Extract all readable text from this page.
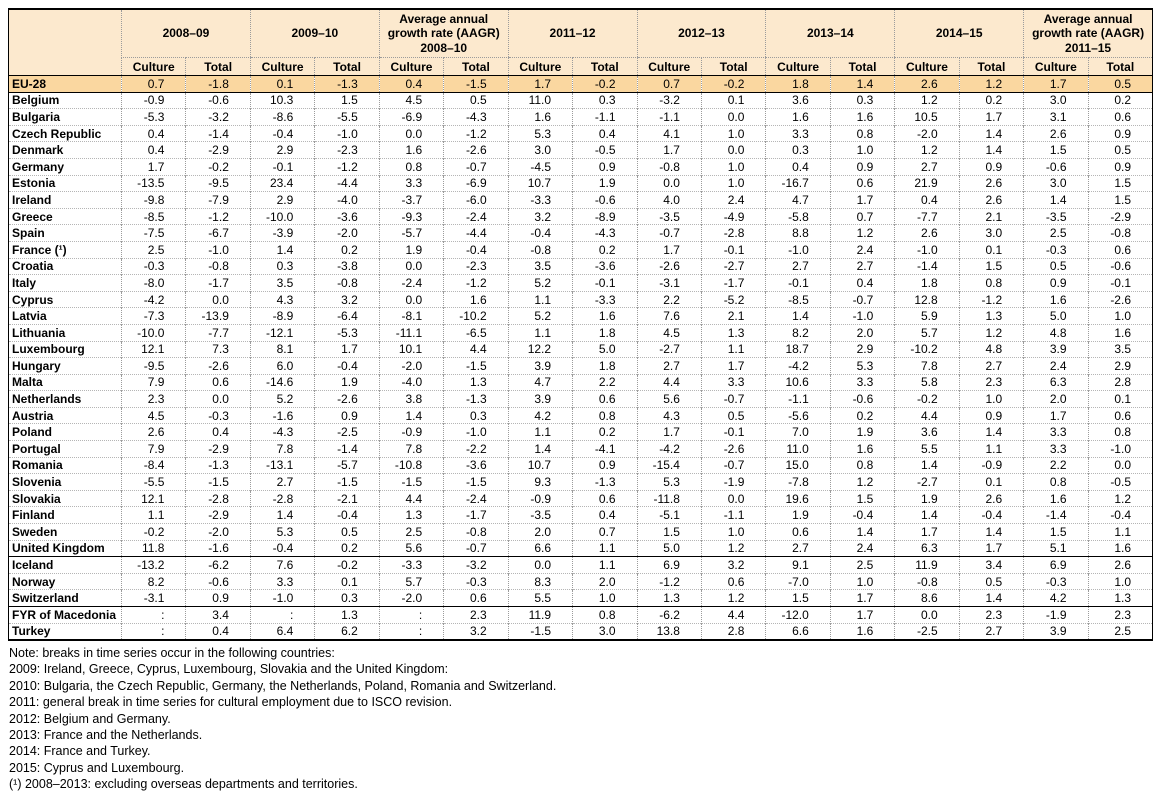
	2008–09		2009–10		Average annual growth rate (AAGR) 2008–10		2011–12		2012–13		2013–14		2014–15		Average annual growth rate (AAGR) 2011–15	
	Culture	Total	Culture	Total	Culture	Total	Culture	Total	Culture	Total	Culture	Total	Culture	Total	Culture	Total
EU-28	0.7	-1.8	0.1	-1.3	0.4	-1.5	1.7	-0.2	0.7	-0.2	1.8	1.4	2.6	1.2	1.7	0.5
Belgium	-0.9	-0.6	10.3	1.5	4.5	0.5	11.0	0.3	-3.2	0.1	3.6	0.3	1.2	0.2	3.0	0.2
Bulgaria	-5.3	-3.2	-8.6	-5.5	-6.9	-4.3	1.6	-1.1	-1.1	0.0	1.6	1.6	10.5	1.7	3.1	0.6
Czech Republic	0.4	-1.4	-0.4	-1.0	0.0	-1.2	5.3	0.4	4.1	1.0	3.3	0.8	-2.0	1.4	2.6	0.9
Denmark	0.4	-2.9	2.9	-2.3	1.6	-2.6	3.0	-0.5	1.7	0.0	0.3	1.0	1.2	1.4	1.5	0.5
Germany	1.7	-0.2	-0.1	-1.2	0.8	-0.7	-4.5	0.9	-0.8	1.0	0.4	0.9	2.7	0.9	-0.6	0.9
Estonia	-13.5	-9.5	23.4	-4.4	3.3	-6.9	10.7	1.9	0.0	1.0	-16.7	0.6	21.9	2.6	3.0	1.5
Ireland	-9.8	-7.9	2.9	-4.0	-3.7	-6.0	-3.3	-0.6	4.0	2.4	4.7	1.7	0.4	2.6	1.4	1.5
Greece	-8.5	-1.2	-10.0	-3.6	-9.3	-2.4	3.2	-8.9	-3.5	-4.9	-5.8	0.7	-7.7	2.1	-3.5	-2.9
Spain	-7.5	-6.7	-3.9	-2.0	-5.7	-4.4	-0.4	-4.3	-0.7	-2.8	8.8	1.2	2.6	3.0	2.5	-0.8
France (¹)	2.5	-1.0	1.4	0.2	1.9	-0.4	-0.8	0.2	1.7	-0.1	-1.0	2.4	-1.0	0.1	-0.3	0.6
Croatia	-0.3	-0.8	0.3	-3.8	0.0	-2.3	3.5	-3.6	-2.6	-2.7	2.7	2.7	-1.4	1.5	0.5	-0.6
Italy	-8.0	-1.7	3.5	-0.8	-2.4	-1.2	5.2	-0.1	-3.1	-1.7	-0.1	0.4	1.8	0.8	0.9	-0.1
Cyprus	-4.2	0.0	4.3	3.2	0.0	1.6	1.1	-3.3	2.2	-5.2	-8.5	-0.7	12.8	-1.2	1.6	-2.6
Latvia	-7.3	-13.9	-8.9	-6.4	-8.1	-10.2	5.2	1.6	7.6	2.1	1.4	-1.0	5.9	1.3	5.0	1.0
Lithuania	-10.0	-7.7	-12.1	-5.3	-11.1	-6.5	1.1	1.8	4.5	1.3	8.2	2.0	5.7	1.2	4.8	1.6
Luxembourg	12.1	7.3	8.1	1.7	10.1	4.4	12.2	5.0	-2.7	1.1	18.7	2.9	-10.2	4.8	3.9	3.5
Hungary	-9.5	-2.6	6.0	-0.4	-2.0	-1.5	3.9	1.8	2.7	1.7	-4.2	5.3	7.8	2.7	2.4	2.9
Malta	7.9	0.6	-14.6	1.9	-4.0	1.3	4.7	2.2	4.4	3.3	10.6	3.3	5.8	2.3	6.3	2.8
Netherlands	2.3	0.0	5.2	-2.6	3.8	-1.3	3.9	0.6	5.6	-0.7	-1.1	-0.6	-0.2	1.0	2.0	0.1
Austria	4.5	-0.3	-1.6	0.9	1.4	0.3	4.2	0.8	4.3	0.5	-5.6	0.2	4.4	0.9	1.7	0.6
Poland	2.6	0.4	-4.3	-2.5	-0.9	-1.0	1.1	0.2	1.7	-0.1	7.0	1.9	3.6	1.4	3.3	0.8
Portugal	7.9	-2.9	7.8	-1.4	7.8	-2.2	1.4	-4.1	-4.2	-2.6	11.0	1.6	5.5	1.1	3.3	-1.0
Romania	-8.4	-1.3	-13.1	-5.7	-10.8	-3.6	10.7	0.9	-15.4	-0.7	15.0	0.8	1.4	-0.9	2.2	0.0
Slovenia	-5.5	-1.5	2.7	-1.5	-1.5	-1.5	9.3	-1.3	5.3	-1.9	-7.8	1.2	-2.7	0.1	0.8	-0.5
Slovakia	12.1	-2.8	-2.8	-2.1	4.4	-2.4	-0.9	0.6	-11.8	0.0	19.6	1.5	1.9	2.6	1.6	1.2
Finland	1.1	-2.9	1.4	-0.4	1.3	-1.7	-3.5	0.4	-5.1	-1.1	1.9	-0.4	1.4	-0.4	-1.4	-0.4
Sweden	-0.2	-2.0	5.3	0.5	2.5	-0.8	2.0	0.7	1.5	1.0	0.6	1.4	1.7	1.4	1.5	1.1
United Kingdom	11.8	-1.6	-0.4	0.2	5.6	-0.7	6.6	1.1	5.0	1.2	2.7	2.4	6.3	1.7	5.1	1.6
Iceland	-13.2	-6.2	7.6	-0.2	-3.3	-3.2	0.0	1.1	6.9	3.2	9.1	2.5	11.9	3.4	6.9	2.6
Norway	8.2	-0.6	3.3	0.1	5.7	-0.3	8.3	2.0	-1.2	0.6	-7.0	1.0	-0.8	0.5	-0.3	1.0
Switzerland	-3.1	0.9	-1.0	0.3	-2.0	0.6	5.5	1.0	1.3	1.2	1.5	1.7	8.6	1.4	4.2	1.3
FYR of Macedonia	:	3.4	:	1.3	:	2.3	11.9	0.8	-6.2	4.4	-12.0	1.7	0.0	2.3	-1.9	2.3
Turkey	:	0.4	6.4	6.2	:	3.2	-1.5	3.0	13.8	2.8	6.6	1.6	-2.5	2.7	3.9	2.5
Note: breaks in time series occur in the following countries:
2009: Ireland, Greece, Cyprus, Luxembourg, Slovakia and the United Kingdom:
2010: Bulgaria, the Czech Republic, Germany, the Netherlands, Poland, Romania and Switzerland.
2011: general break in time series for cultural employment due to ISCO revision.
2012: Belgium and Germany.
2013: France and the Netherlands.
2014: France and Turkey.
2015: Cyprus and Luxembourg.
(¹) 2008–2013: excluding overseas departments and territories.
